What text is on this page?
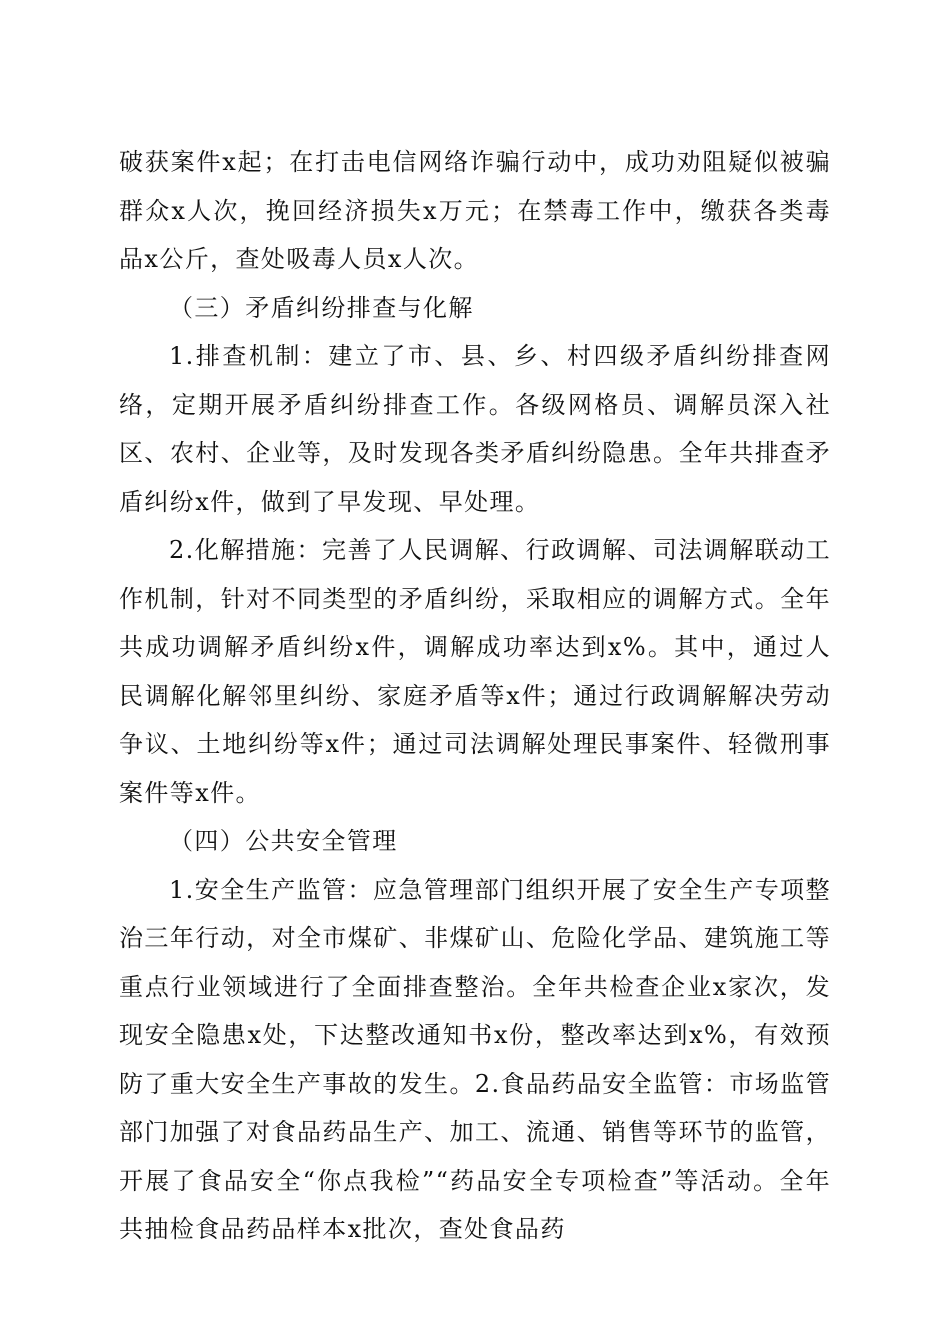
破获案件x起；在打击电信网络诈骗行动中，成功劝阻疑似被骗群众x人次，挽回经济损失x万元；在禁毒工作中，缴获各类毒品x公斤，查处吸毒人员x人次。

（三）矛盾纠纷排查与化解

1.排查机制：建立了市、县、乡、村四级矛盾纠纷排查网络，定期开展矛盾纠纷排查工作。各级网格员、调解员深入社区、农村、企业等，及时发现各类矛盾纠纷隐患。全年共排查矛盾纠纷x件，做到了早发现、早处理。

2.化解措施：完善了人民调解、行政调解、司法调解联动工作机制，针对不同类型的矛盾纠纷，采取相应的调解方式。全年共成功调解矛盾纠纷x件，调解成功率达到x%。其中，通过人民调解化解邻里纠纷、家庭矛盾等x件；通过行政调解解决劳动争议、土地纠纷等x件；通过司法调解处理民事案件、轻微刑事案件等x件。

（四）公共安全管理

1.安全生产监管：应急管理部门组织开展了安全生产专项整治三年行动，对全市煤矿、非煤矿山、危险化学品、建筑施工等重点行业领域进行了全面排查整治。全年共检查企业x家次，发现安全隐患x处，下达整改通知书x份，整改率达到x%，有效预防了重大安全生产事故的发生。2.食品药品安全监管：市场监管部门加强了对食品药品生产、加工、流通、销售等环节的监管，开展了食品安全“你点我检”“药品安全专项检查”等活动。全年共抽检食品药品样本x批次，查处食品药
